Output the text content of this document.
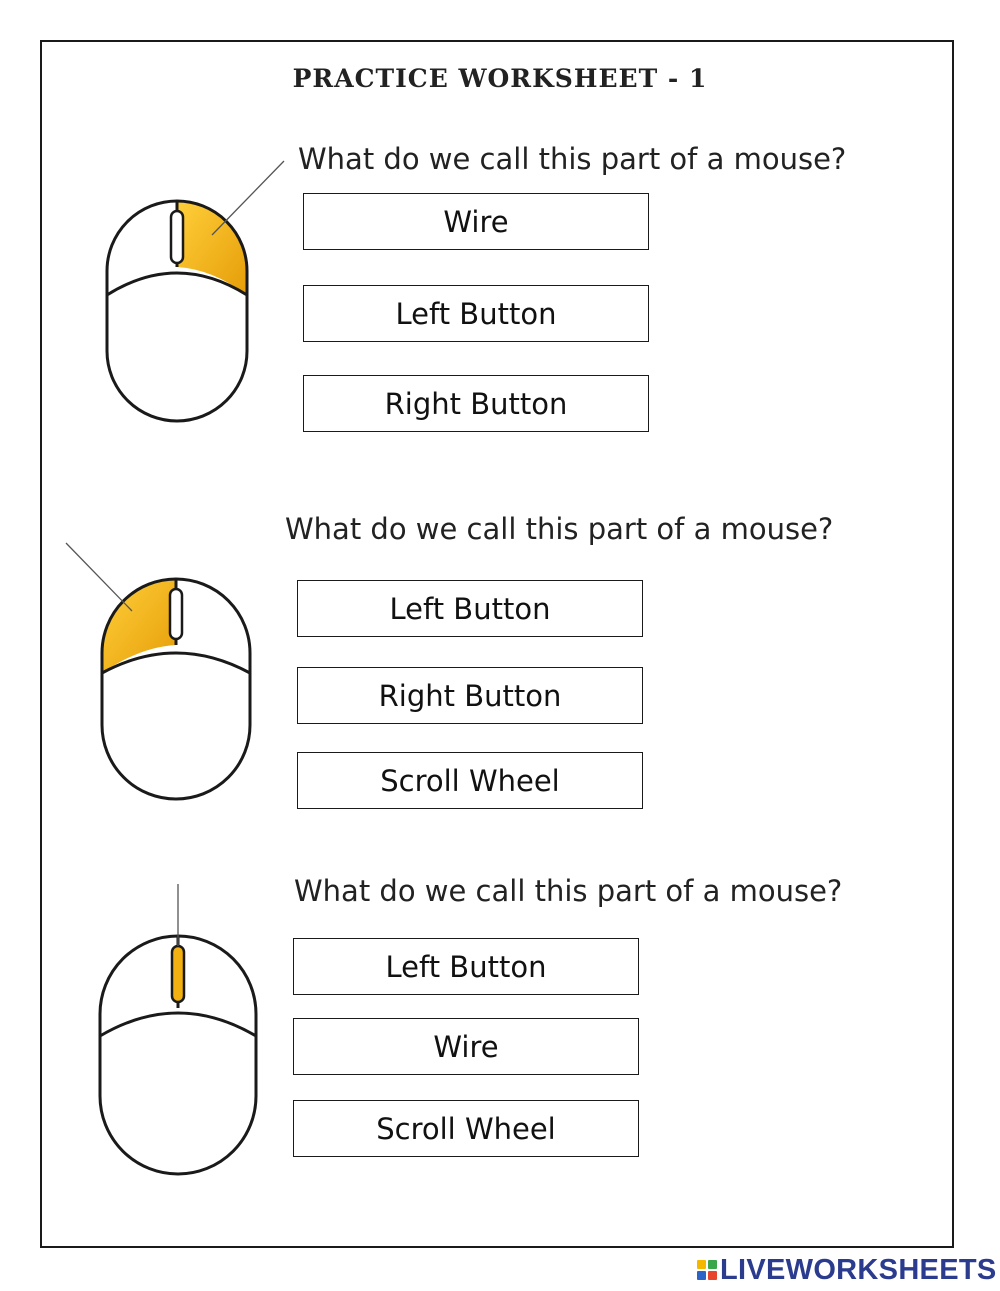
PRACTICE WORKSHEET - 1
What do we call this part of a mouse?
Wire
Left Button
Right Button
What do we call this part of a mouse?
Left Button
Right Button
Scroll Wheel
What do we call this part of a mouse?
Left Button
Wire
Scroll Wheel
LIVEWORKSHEETS
